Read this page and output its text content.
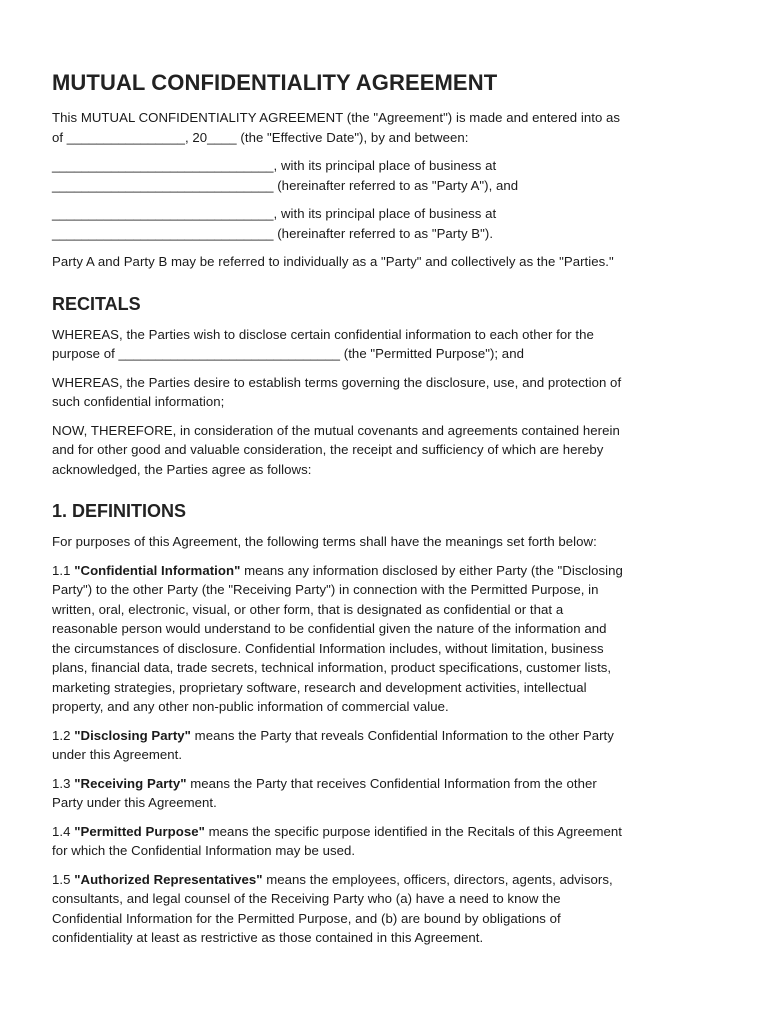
MUTUAL CONFIDENTIALITY AGREEMENT

This MUTUAL CONFIDENTIALITY AGREEMENT (the "Agreement") is made and entered into as
of ________________, 20____ (the "Effective Date"), by and between:

______________________________, with its principal place of business at
______________________________ (hereinafter referred to as "Party A"), and

______________________________, with its principal place of business at
______________________________ (hereinafter referred to as "Party B").

Party A and Party B may be referred to individually as a "Party" and collectively as the "Parties."

RECITALS

WHEREAS, the Parties wish to disclose certain confidential information to each other for the
purpose of ______________________________ (the "Permitted Purpose"); and

WHEREAS, the Parties desire to establish terms governing the disclosure, use, and protection of
such confidential information;

NOW, THEREFORE, in consideration of the mutual covenants and agreements contained herein
and for other good and valuable consideration, the receipt and sufficiency of which are hereby
acknowledged, the Parties agree as follows:

1. DEFINITIONS

For purposes of this Agreement, the following terms shall have the meanings set forth below:

1.1 "Confidential Information" means any information disclosed by either Party (the "Disclosing
Party") to the other Party (the "Receiving Party") in connection with the Permitted Purpose, in
written, oral, electronic, visual, or other form, that is designated as confidential or that a
reasonable person would understand to be confidential given the nature of the information and
the circumstances of disclosure. Confidential Information includes, without limitation, business
plans, financial data, trade secrets, technical information, product specifications, customer lists,
marketing strategies, proprietary software, research and development activities, intellectual
property, and any other non-public information of commercial value.

1.2 "Disclosing Party" means the Party that reveals Confidential Information to the other Party
under this Agreement.

1.3 "Receiving Party" means the Party that receives Confidential Information from the other
Party under this Agreement.

1.4 "Permitted Purpose" means the specific purpose identified in the Recitals of this Agreement
for which the Confidential Information may be used.

1.5 "Authorized Representatives" means the employees, officers, directors, agents, advisors,
consultants, and legal counsel of the Receiving Party who (a) have a need to know the
Confidential Information for the Permitted Purpose, and (b) are bound by obligations of
confidentiality at least as restrictive as those contained in this Agreement.
